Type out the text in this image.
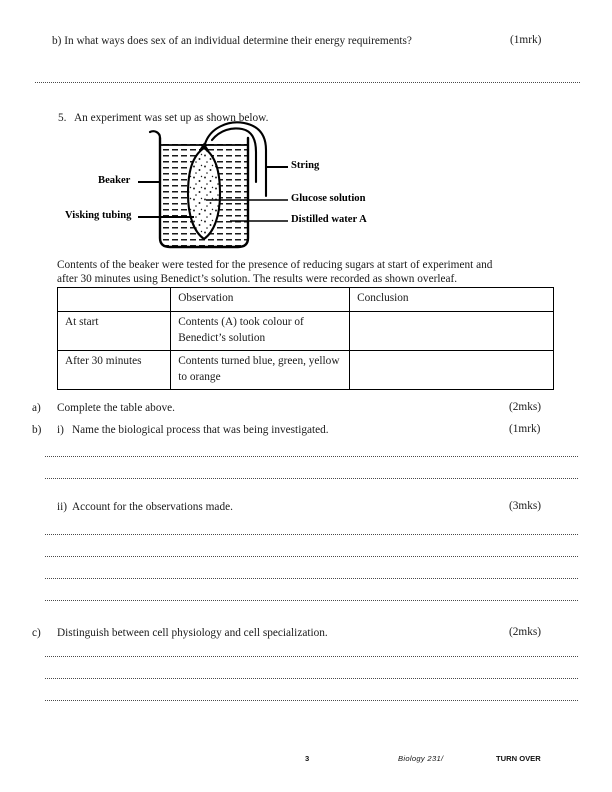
b) In what ways does sex of an individual determine their energy requirements?	(1mrk)
5. An experiment was set up as shown below.
Beaker
Visking tubing
String
Glucose solution
Distilled water A
Contents of the beaker were tested for the presence of reducing sugars at start of experiment and
after 30 minutes using Benedict’s solution. The results were recorded as shown overleaf.
	Observation	Conclusion
At start	Contents (A) took colour of Benedict’s solution	
After 30 minutes	Contents turned blue, green, yellow to orange	
a) Complete the table above.	(2mks)
b) i) Name the biological process that was being investigated.	(1mrk)
ii) Account for the observations made.	(3mks)
c) Distinguish between cell physiology and cell specialization.	(2mks)
3	Biology 231/	TURN OVER
